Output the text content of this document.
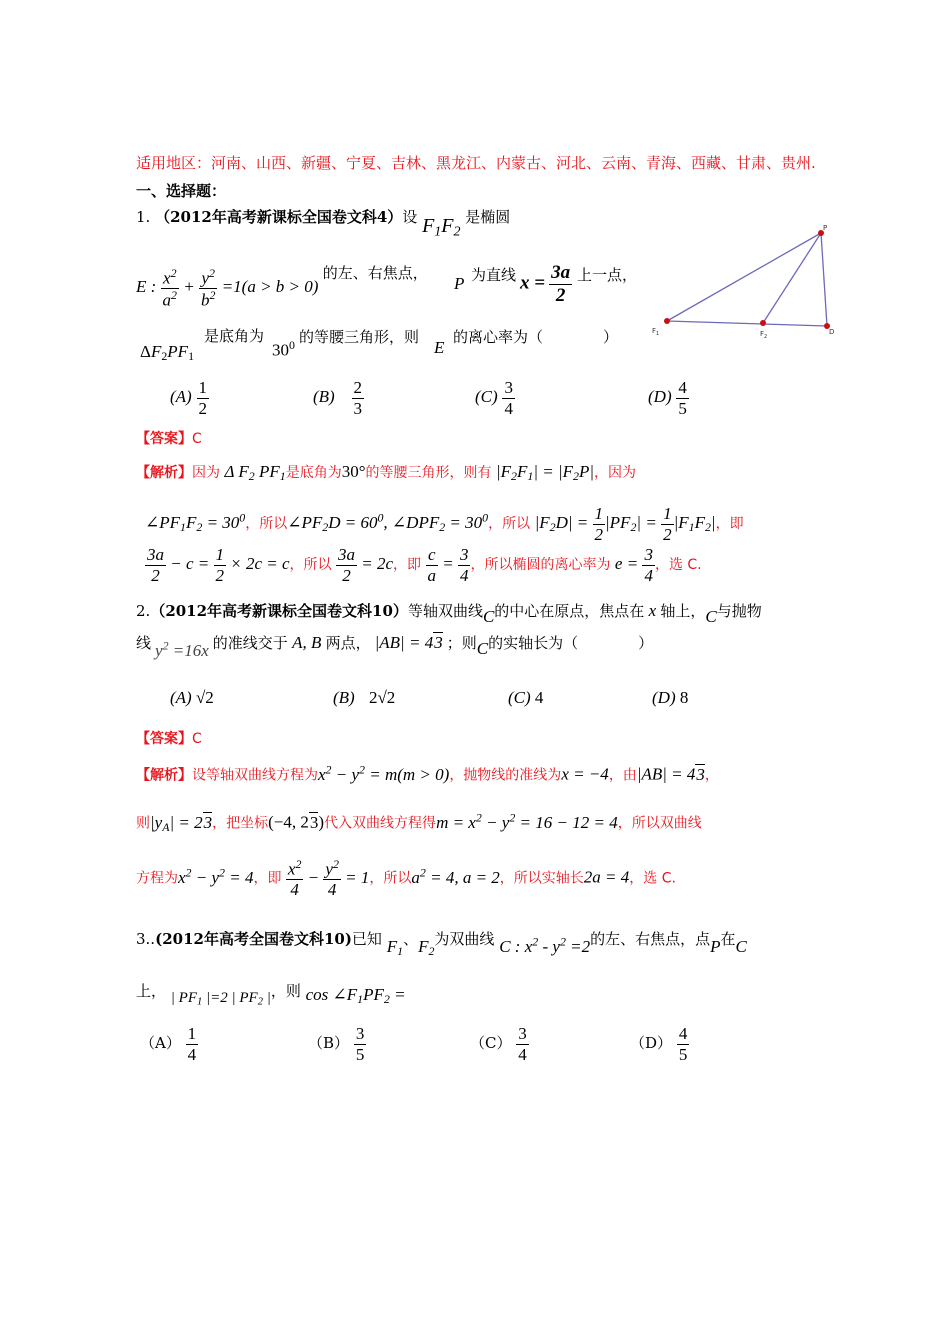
适用地区：河南、山西、新疆、宁夏、吉林、黑龙江、内蒙古、河北、云南、青海、西藏、甘肃、贵州.
一、选择题：
1. （2012年高考新课标全国卷文科4）设 $F_1F_2$ 是椭圆
E : $\frac{x^2}{a^2} + \frac{y^2}{b^2} =1(a > b > 0)$ 的左、右焦点，
P 为直线 $x = \frac{3a}{2}$ 上一点，
是底角为
$\Delta F_2PF_1$	$30^0$ 的等腰三角形，则
E
的离心率为（　　　　）
$(A) \frac{1}{2}$	$(B) \frac{2}{3}$	$(C) \frac{3}{4}$	$(D) \frac{4}{5}$
P
$F_1$	$F_2$
D
【答案】C
【解析】因为 Δ $F_2$ $PF_1$是底角为30°的等腰三角形，则有 $|F_2F_1| = |F_2P|$，因为
$\angle PF_1F_2 = 30^0$，所以$\angle PF_2D = 60^0$, $\angle DPF_2 = 30^0$，所以 $|F_2D| = \frac{1}{2} |PF_2| = \frac{1}{2} |F_1F_2|$，即
$\frac{3a}{2} - c = \frac{1}{2} \times 2c = c$，所以 $\frac{3a}{2} = 2c$，即 $\frac{c}{a} = \frac{3}{4}$ ，所以椭圆的离心率为 $e = \frac{3}{4}$ ，选 C.
2.（2012年高考新课标全国卷文科10）等轴双曲线C的中心在原点，焦点在 x 轴上，C与抛物
线 $y^2 =16x$ 的准线交于 A, B 两点， |AB| = 43 ；则C的实轴长为（　　　　）
(A) √2	(B) 2√2	(C) 4	(D) 8
【答案】C
【解析】设等轴双曲线方程为$x^2 - y^2 = m(m > 0)$，抛物线的准线为x = −4，由|AB| = 43，
则$|y_A| = 23$，把坐标(−4, 23)代入双曲线方程得$m = x^2 - y^2 = 16 - 12 = 4$，所以双曲线
方程为$x^2 - y^2 = 4$，即 $\frac{x^2}{4} - \frac{y^2}{4} = 1$，所以$a^2 = 4$, a = 2，所以实轴长2a = 4，选 C.
3..(2012年高考全国卷文科10)已知 $F_1$、$F_2$为双曲线 C : $x^2 - y^2 =2$的左、右焦点，点P在C
上， | $PF_1$ |=2 | $PF_2$ |，则 $\cos \angle F_1PF_2$ =
$(A) \frac{1}{4}$	$(B) \frac{3}{5}$	$(C) \frac{3}{4}$	$(D) \frac{4}{5}$
